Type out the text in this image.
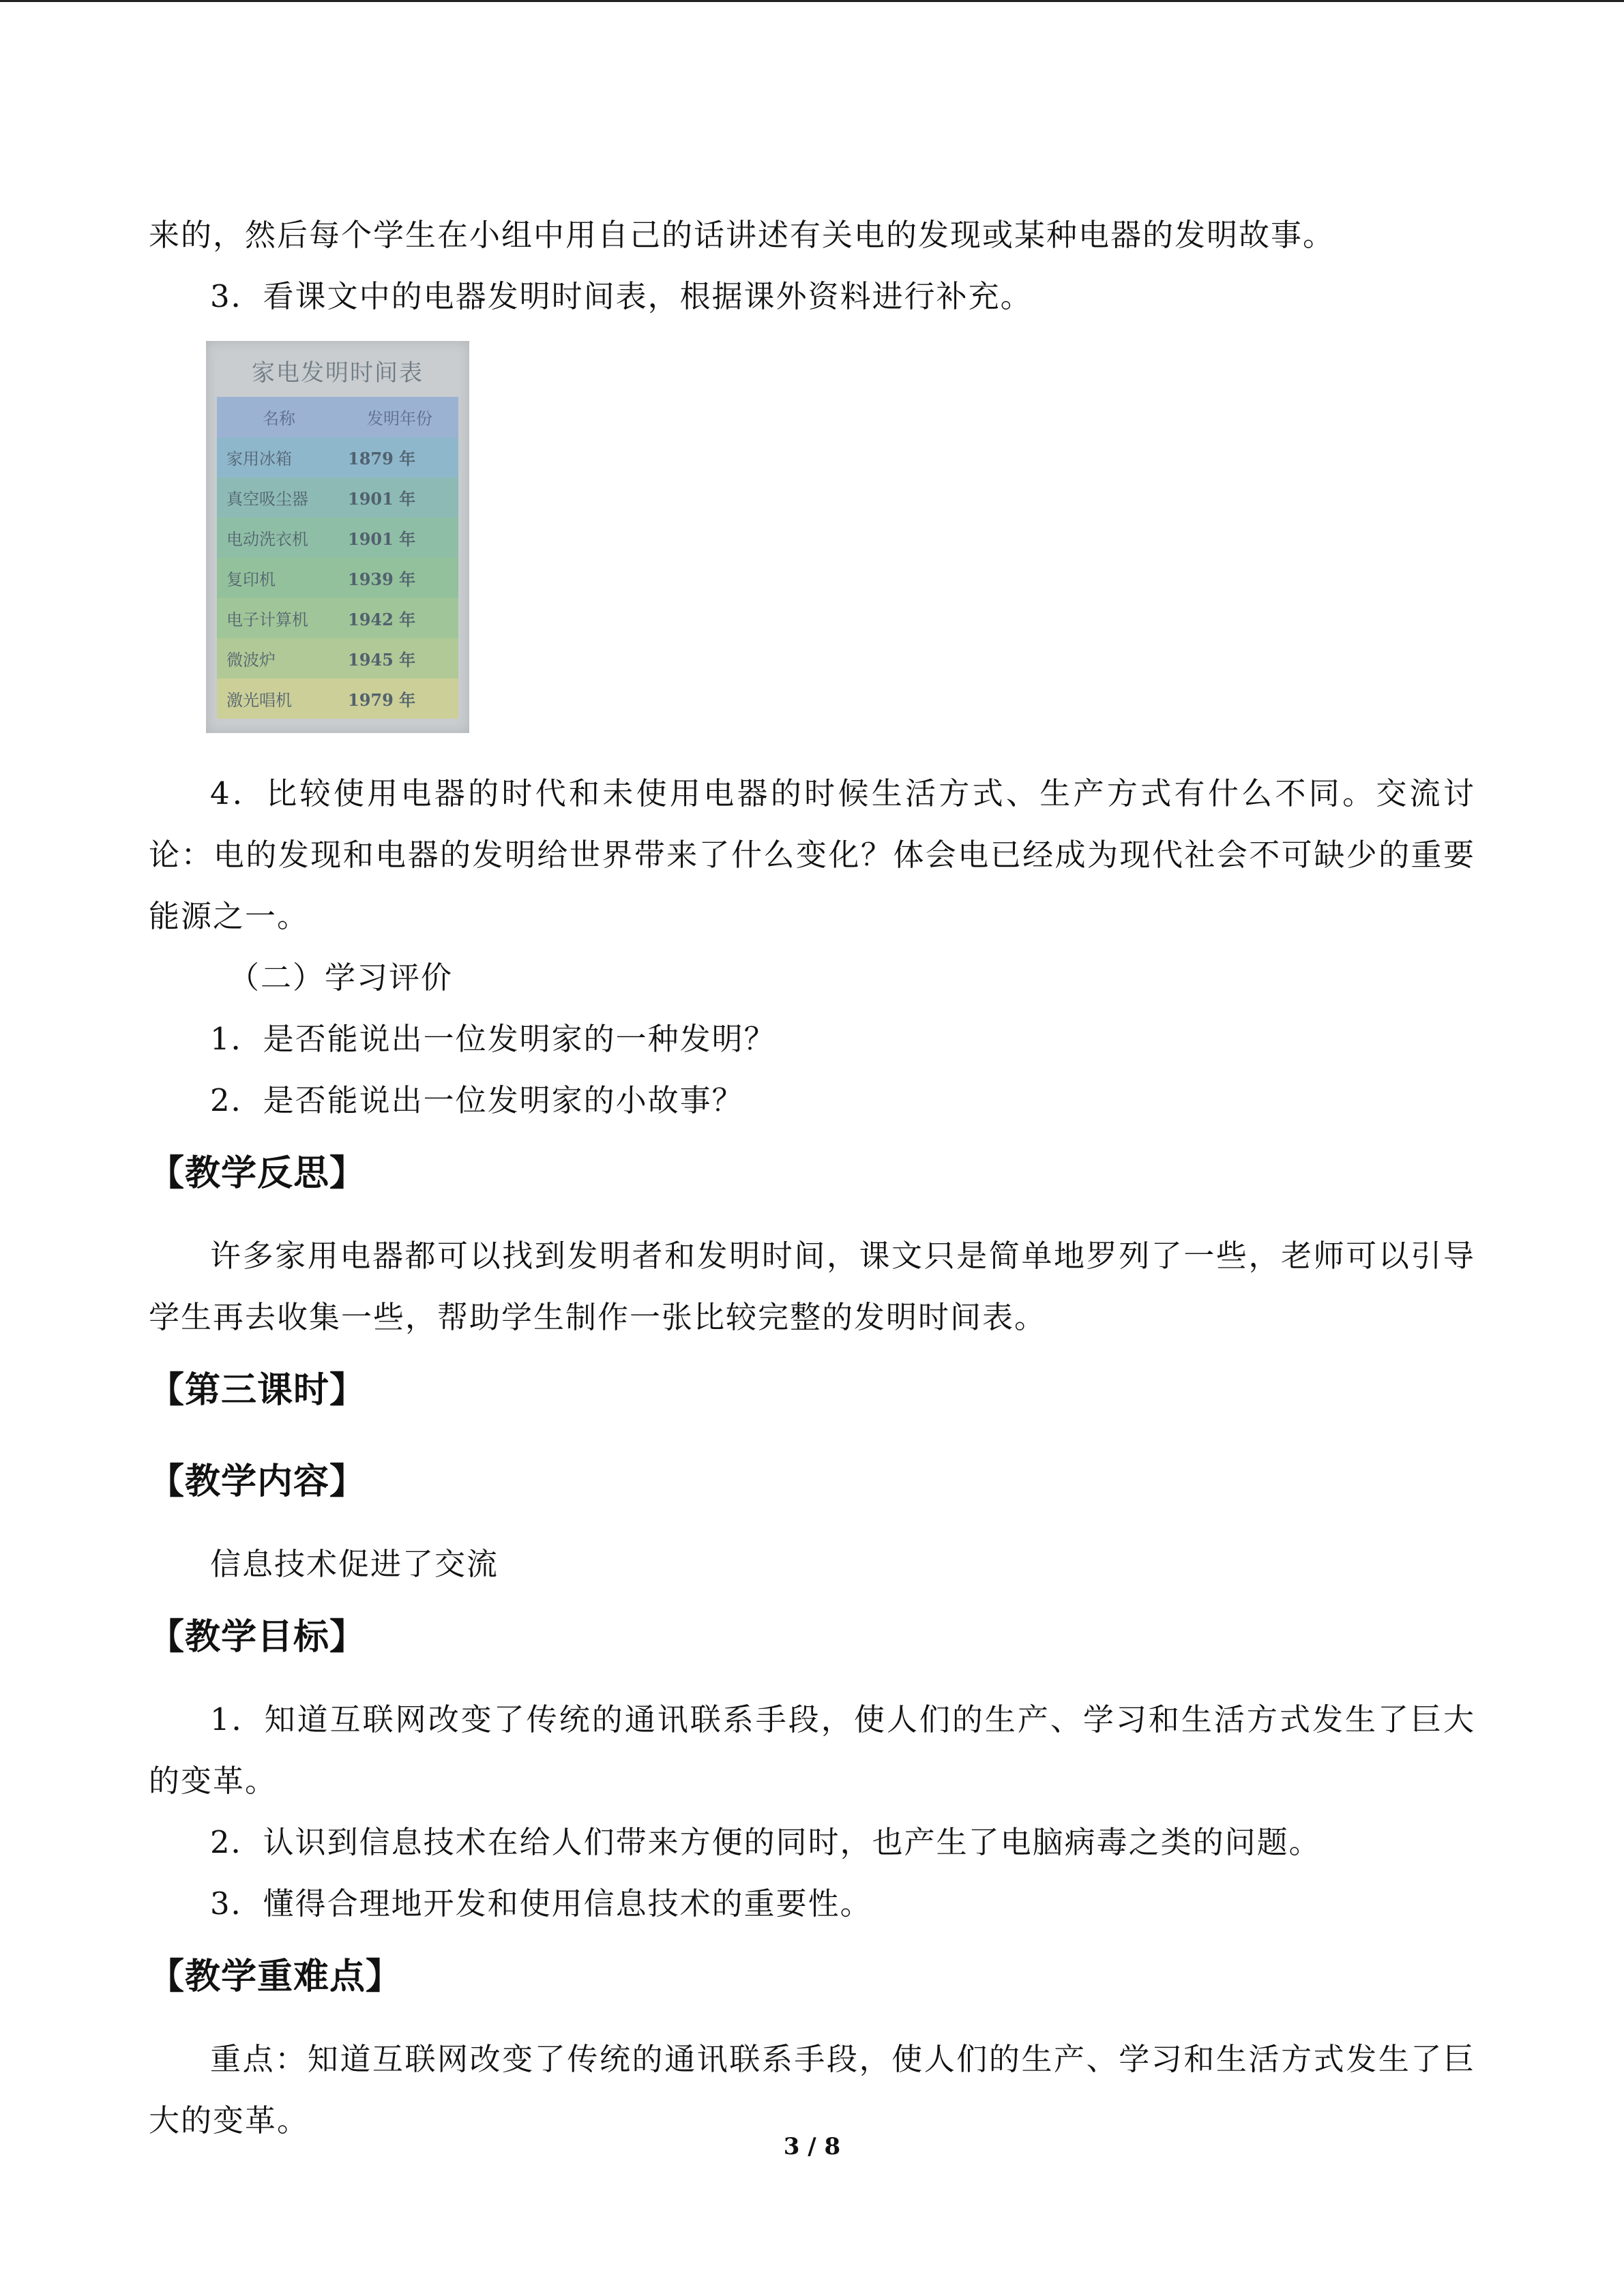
来的，然后每个学生在小组中用自己的话讲述有关电的发现或某种电器的发明故事。

3．看课文中的电器发明时间表，根据课外资料进行补充。

家电发明时间表
名称	发明年份
家用冰箱	1879 年
真空吸尘器	1901 年
电动洗衣机	1901 年
复印机	1939 年
电子计算机	1942 年
微波炉	1945 年
激光唱机	1979 年

4．比较使用电器的时代和未使用电器的时候生活方式、生产方式有什么不同。交流讨论：电的发现和电器的发明给世界带来了什么变化？体会电已经成为现代社会不可缺少的重要能源之一。

（二）学习评价

1．是否能说出一位发明家的一种发明？

2．是否能说出一位发明家的小故事？

【教学反思】

许多家用电器都可以找到发明者和发明时间，课文只是简单地罗列了一些，老师可以引导学生再去收集一些，帮助学生制作一张比较完整的发明时间表。

【第三课时】
【教学内容】

信息技术促进了交流

【教学目标】

1．知道互联网改变了传统的通讯联系手段，使人们的生产、学习和生活方式发生了巨大的变革。

2．认识到信息技术在给人们带来方便的同时，也产生了电脑病毒之类的问题。

3．懂得合理地开发和使用信息技术的重要性。

【教学重难点】

重点：知道互联网改变了传统的通讯联系手段，使人们的生产、学习和生活方式发生了巨大的变革。

3 / 8
